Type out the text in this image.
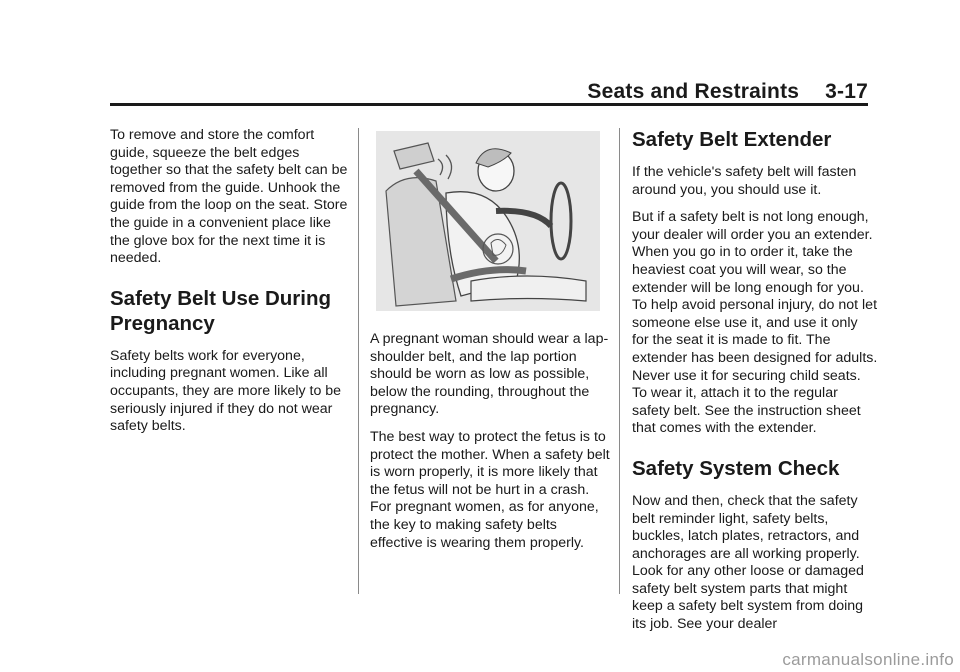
Seats and Restraints 3-17

To remove and store the comfort guide, squeeze the belt edges together so that the safety belt can be removed from the guide. Unhook the guide from the loop on the seat. Store the guide in a convenient place like the glove box for the next time it is needed.

Safety Belt Use During Pregnancy

Safety belts work for everyone, including pregnant women. Like all occupants, they are more likely to be seriously injured if they do not wear safety belts.

A pregnant woman should wear a lap-shoulder belt, and the lap portion should be worn as low as possible, below the rounding, throughout the pregnancy.

The best way to protect the fetus is to protect the mother. When a safety belt is worn properly, it is more likely that the fetus will not be hurt in a crash. For pregnant women, as for anyone, the key to making safety belts effective is wearing them properly.

Safety Belt Extender

If the vehicle's safety belt will fasten around you, you should use it.

But if a safety belt is not long enough, your dealer will order you an extender. When you go in to order it, take the heaviest coat you will wear, so the extender will be long enough for you. To help avoid personal injury, do not let someone else use it, and use it only for the seat it is made to fit. The extender has been designed for adults. Never use it for securing child seats. To wear it, attach it to the regular safety belt. See the instruction sheet that comes with the extender.

Safety System Check

Now and then, check that the safety belt reminder light, safety belts, buckles, latch plates, retractors, and anchorages are all working properly. Look for any other loose or damaged safety belt system parts that might keep a safety belt system from doing its job. See your dealer

carmanualsonline.info
